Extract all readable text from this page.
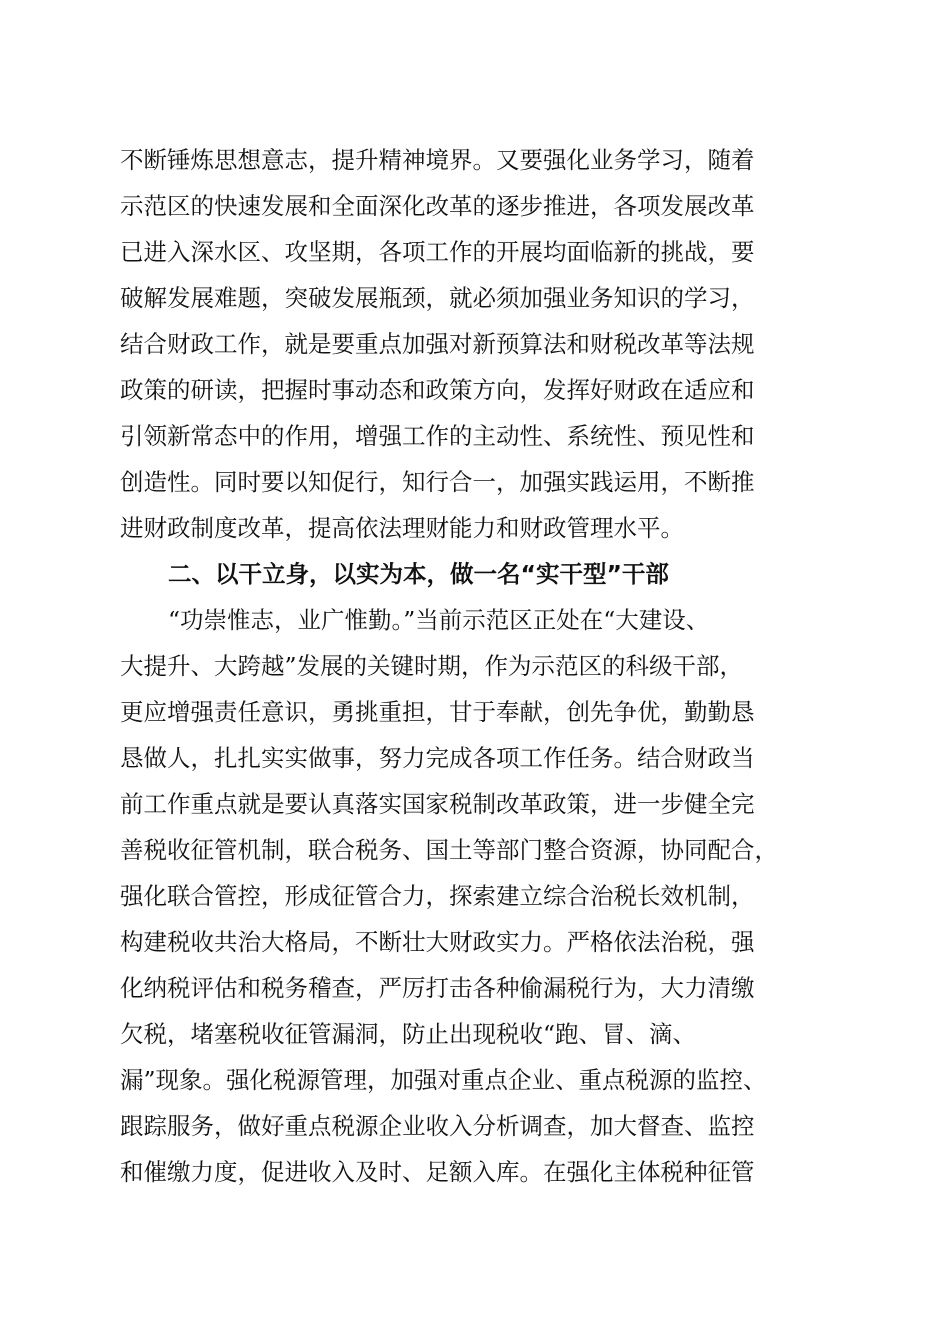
不断锤炼思想意志，提升精神境界。又要强化业务学习，随着
示范区的快速发展和全面深化改革的逐步推进，各项发展改革
已进入深水区、攻坚期，各项工作的开展均面临新的挑战，要
破解发展难题，突破发展瓶颈，就必须加强业务知识的学习，
结合财政工作，就是要重点加强对新预算法和财税改革等法规
政策的研读，把握时事动态和政策方向，发挥好财政在适应和
引领新常态中的作用，增强工作的主动性、系统性、预见性和
创造性。同时要以知促行，知行合一，加强实践运用，不断推
进财政制度改革，提高依法理财能力和财政管理水平。
二、以干立身，以实为本，做一名“实干型”干部
“功崇惟志，业广惟勤。”当前示范区正处在“大建设、
大提升、大跨越”发展的关键时期，作为示范区的科级干部，
更应增强责任意识，勇挑重担，甘于奉献，创先争优，勤勤恳
恳做人，扎扎实实做事，努力完成各项工作任务。结合财政当
前工作重点就是要认真落实国家税制改革政策，进一步健全完
善税收征管机制，联合税务、国土等部门整合资源，协同配合，
强化联合管控，形成征管合力，探索建立综合治税长效机制，
构建税收共治大格局，不断壮大财政实力。严格依法治税，强
化纳税评估和税务稽查，严厉打击各种偷漏税行为，大力清缴
欠税，堵塞税收征管漏洞，防止出现税收“跑、冒、滴、
漏”现象。强化税源管理，加强对重点企业、重点税源的监控、
跟踪服务，做好重点税源企业收入分析调查，加大督查、监控
和催缴力度，促进收入及时、足额入库。在强化主体税种征管
